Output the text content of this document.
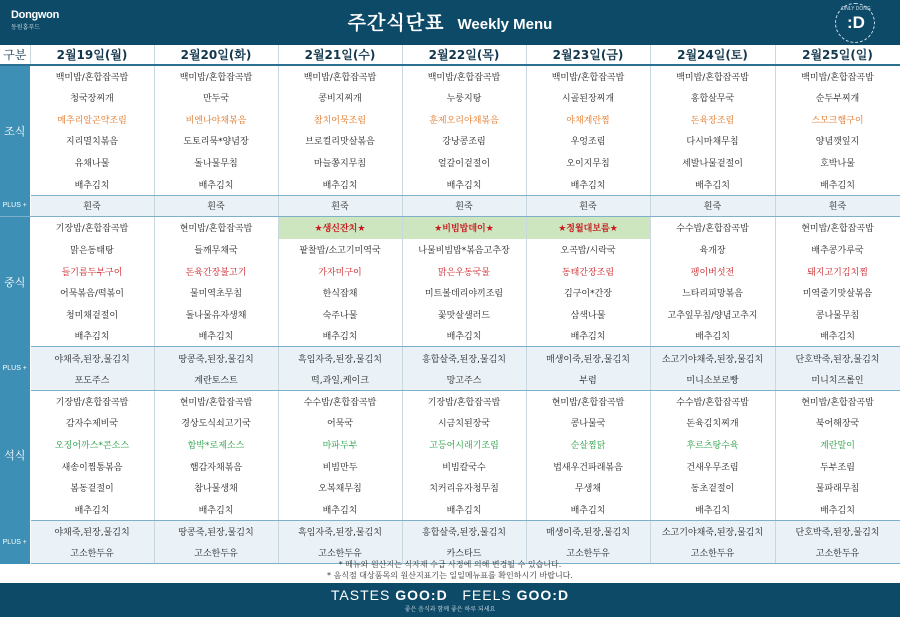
Dongwon
동원홈푸드	주간식단표 Weekly Menu
ONLY DONG
:D
구분	2월19일(월)	2월20일(화)	2월21일(수)	2월22일(목)	2월23일(금)	2월24일(토)	2월25일(일)
조식	백미밥/혼합잡곡밥	백미밥/혼합잡곡밥	백미밥/혼합잡곡밥	백미밥/혼합잡곡밥	백미밥/혼합잡곡밥	백미밥/혼합잡곡밥	백미밥/혼합잡곡밥
	청국장찌개	만두국	콩비지찌개	누룽지탕	시골된장찌개	홍합살무국	순두부찌개
	메추리알곤약조림	비엔나야채볶음	참치어묵조림	훈제오리야채볶음	야채계란찜	돈육장조림	스모크햄구이
	지리멸치볶음	도토리묵*양념장	브로컬리맛살볶음	강낭콩조림	우엉조림	다시마채무침	양념깻잎지
	유채나물	돌나물무침	마늘쫑지무침	얼갈이겉절이	오이지무침	세발나물겉절이	호박나물
	배추김치	배추김치	배추김치	배추김치	배추김치	배추김치	배추김치
PLUS +	흰죽	흰죽	흰죽	흰죽	흰죽	흰죽	흰죽
중식	기장밥/혼합잡곡밥	현미밥/혼합잡곡밥	★생신잔치★	★비빔밥데이★	★정월대보름★	수수밥/혼합잡곡밥	현미밥/혼합잡곡밥
	맑은동태탕	들깨무채국	팥찰밥/소고기미역국	나물비빔밥*볶음고추장	오곡밥/시락국	육개장	배추콩가루국
	들기름두부구이	돈육간장불고기	가자미구이	맑은우동국물	동태간장조림	팽이버섯전	돼지고기김치찜
	어묵볶음/떡볶이	물미역초무침	한식잡채	미트볼데리야끼조림	김구이*간장	느타리피망볶음	미역줄기맛살볶음
	청미채겉절이	돌나물유자생채	숙주나물	꽃맛살샐러드	삼색나물	고추잎무침/양념고추지	콩나물무침
	배추김치	배추김치	배추김치	배추김치	배추김치	배추김치	배추김치
PLUS +	야채죽,된장,물김치	땅콩죽,된장,물김치	흑임자죽,된장,물김치	흥합살죽,된장,물김치	매생이죽,된장,물김치	소고기야채죽,된장,물김치	단호박죽,된장,물김치
	포도주스	계란토스트	떡,과일,케이크	망고주스	부럼	미니소보로빵	미니치즈롤인
석식	기장밥/혼합잡곡밥	현미밥/혼합잡곡밥	수수밥/혼합잡곡밥	기장밥/혼합잡곡밥	현미밥/혼합잡곡밥	수수밥/혼합잡곡밥	현미밥/혼합잡곡밥
	감자수제비국	경상도식쇠고기국	어묵국	시금치된장국	콩나물국	돈육김치찌개	북어해장국
	오징어까스*콘소스	함박*로제소스	마파두부	고등어시래기조림	순살찜닭	후르츠탕수육	계란말이
	새송이찜통볶음	햄감자채볶음	비빔만두	비빔칼국수	법새우건파래볶음	건새우무조림	두부조림
	봄동겉절이	참나물생채	오복채무침	치커리유자청무침	무생채	동초겉절이	물파래무침
	배추김치	배추김치	배추김치	배추김치	배추김치	배추김치	배추김치
PLUS +	야채죽,된장,물김치	땅콩죽,된장,물김치	흑임자죽,된장,물김치	흥합살죽,된장,물김치	매생이죽,된장,물김치	소고기야채죽,된장,물김치	단호박죽,된장,물김치
	고소한두유	고소한두유	고소한두유	카스타드	고소한두유	고소한두유	고소한두유
* 메뉴와 원산지는 식자재 수급 사정에 의해 변경될 수 있습니다.
* 음식점 대상품목의 원산지표기는 일일메뉴표를 확인하시기 바랍니다.
TASTES GOO:D FEELS GOO:D
좋은 음식과 함께 좋은 하루 되세요
